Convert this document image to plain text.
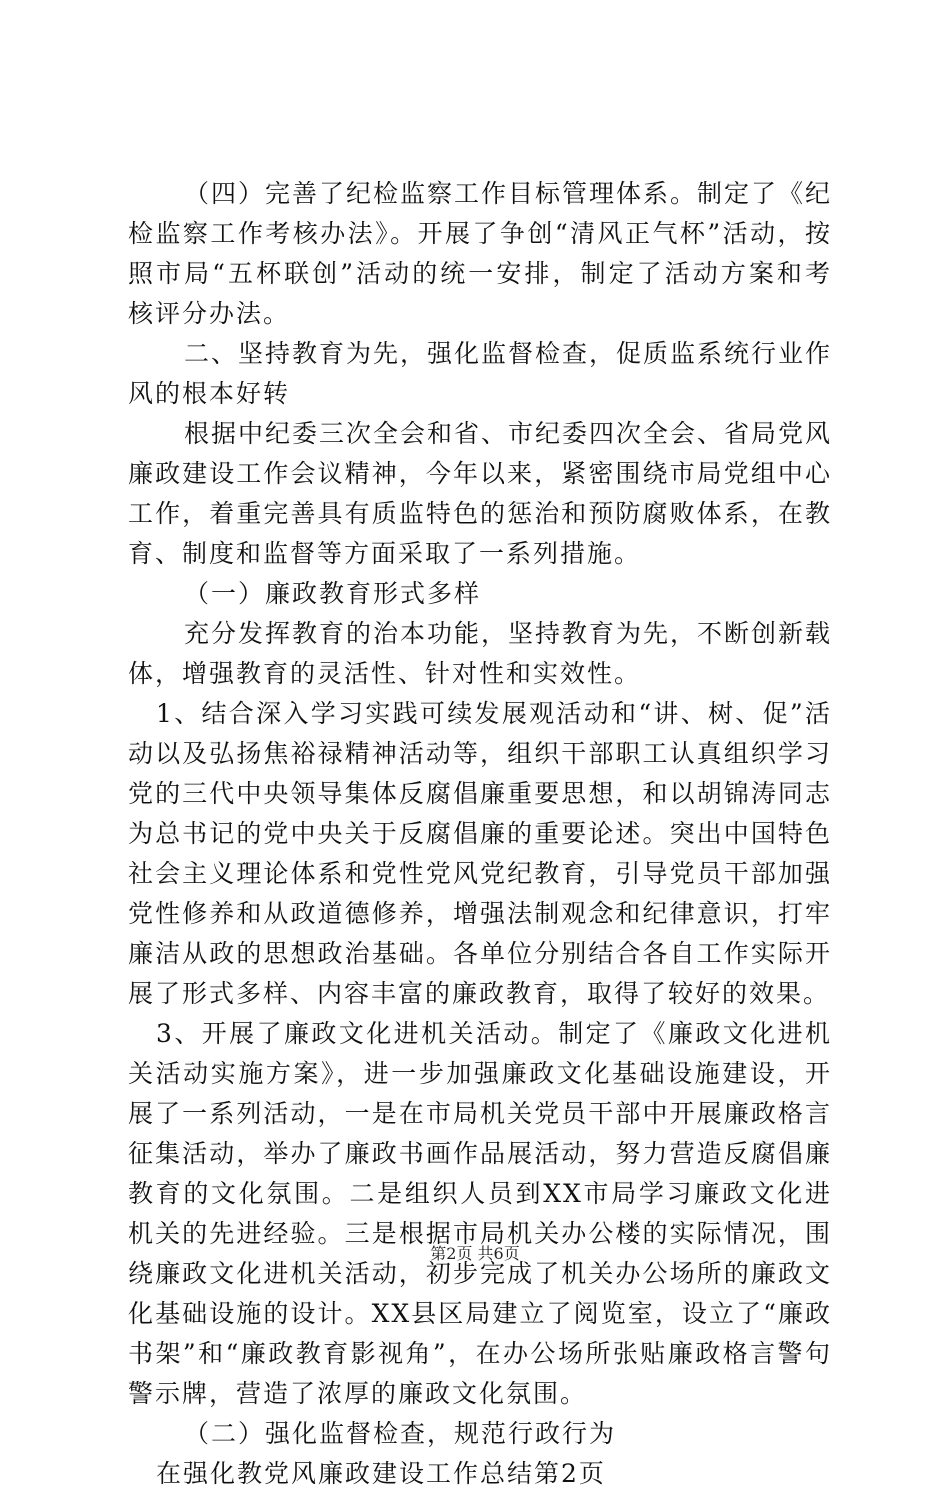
（四）完善了纪检监察工作目标管理体系。制定了《纪检监察工作考核办法》。开展了争创“清风正气杯”活动，按照市局“五杯联创”活动的统一安排，制定了活动方案和考核评分办法。

二、坚持教育为先，强化监督检查，促质监系统行业作风的根本好转

根据中纪委三次全会和省、市纪委四次全会、省局党风廉政建设工作会议精神，今年以来，紧密围绕市局党组中心工作，着重完善具有质监特色的惩治和预防腐败体系，在教育、制度和监督等方面采取了一系列措施。

（一）廉政教育形式多样

充分发挥教育的治本功能，坚持教育为先，不断创新载体，增强教育的灵活性、针对性和实效性。

1、结合深入学习实践可续发展观活动和“讲、树、促”活动以及弘扬焦裕禄精神活动等，组织干部职工认真组织学习党的三代中央领导集体反腐倡廉重要思想，和以胡锦涛同志为总书记的党中央关于反腐倡廉的重要论述。突出中国特色社会主义理论体系和党性党风党纪教育，引导党员干部加强党性修养和从政道德修养，增强法制观念和纪律意识，打牢廉洁从政的思想政治基础。各单位分别结合各自工作实际开展了形式多样、内容丰富的廉政教育，取得了较好的效果。

3、开展了廉政文化进机关活动。制定了《廉政文化进机关活动实施方案》，进一步加强廉政文化基础设施建设，开展了一系列活动，一是在市局机关党员干部中开展廉政格言征集活动，举办了廉政书画作品展活动，努力营造反腐倡廉教育的文化氛围。二是组织人员到XX市局学习廉政文化进机关的先进经验。三是根据市局机关办公楼的实际情况，围绕廉政文化进机关活动，初步完成了机关办公场所的廉政文化基础设施的设计。XX县区局建立了阅览室，设立了“廉政书架”和“廉政教育影视角”，在办公场所张贴廉政格言警句警示牌，营造了浓厚的廉政文化氛围。

（二）强化监督检查，规范行政行为

在强化教党风廉政建设工作总结第2页

第2页 共6页
